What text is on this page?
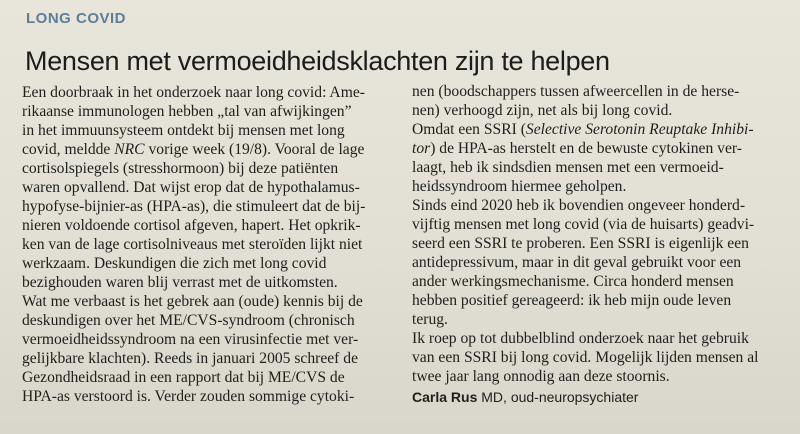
LONG COVID
Mensen met vermoeidheidsklachten zijn te helpen
Een doorbraak in het onderzoek naar long covid: Ame-
rikaanse immunologen hebben „tal van afwijkingen”
in het immuunsysteem ontdekt bij mensen met long
covid, meldde NRC vorige week (19/8). Vooral de lage
cortisolspiegels (stresshormoon) bij deze patiënten
waren opvallend. Dat wijst erop dat de hypothalamus-
hypofyse-bijnier-as (HPA-as), die stimuleert dat de bij-
nieren voldoende cortisol afgeven, hapert. Het opkrik-
ken van de lage cortisolniveaus met steroïden lijkt niet
werkzaam. Deskundigen die zich met long covid
bezighouden waren blij verrast met de uitkomsten.
Wat me verbaast is het gebrek aan (oude) kennis bij de
deskundigen over het ME/CVS-syndroom (chronisch
vermoeidheidssyndroom na een virusinfectie met ver-
gelijkbare klachten). Reeds in januari 2005 schreef de
Gezondheidsraad in een rapport dat bij ME/CVS de
HPA-as verstoord is. Verder zouden sommige cytoki-
nen (boodschappers tussen afweercellen in de herse-
nen) verhoogd zijn, net als bij long covid.
Omdat een SSRI (Selective Serotonin Reuptake Inhibi-
tor) de HPA-as herstelt en de bewuste cytokinen ver-
laagt, heb ik sindsdien mensen met een vermoeid-
heidssyndroom hiermee geholpen.
Sinds eind 2020 heb ik bovendien ongeveer honderd-
vijftig mensen met long covid (via de huisarts) geadvi-
seerd een SSRI te proberen. Een SSRI is eigenlijk een
antidepressivum, maar in dit geval gebruikt voor een
ander werkingsmechanisme. Circa honderd mensen
hebben positief gereageerd: ik heb mijn oude leven
terug.
Ik roep op tot dubbelblind onderzoek naar het gebruik
van een SSRI bij long covid. Mogelijk lijden mensen al
twee jaar lang onnodig aan deze stoornis.
Carla Rus MD, oud-neuropsychiater
